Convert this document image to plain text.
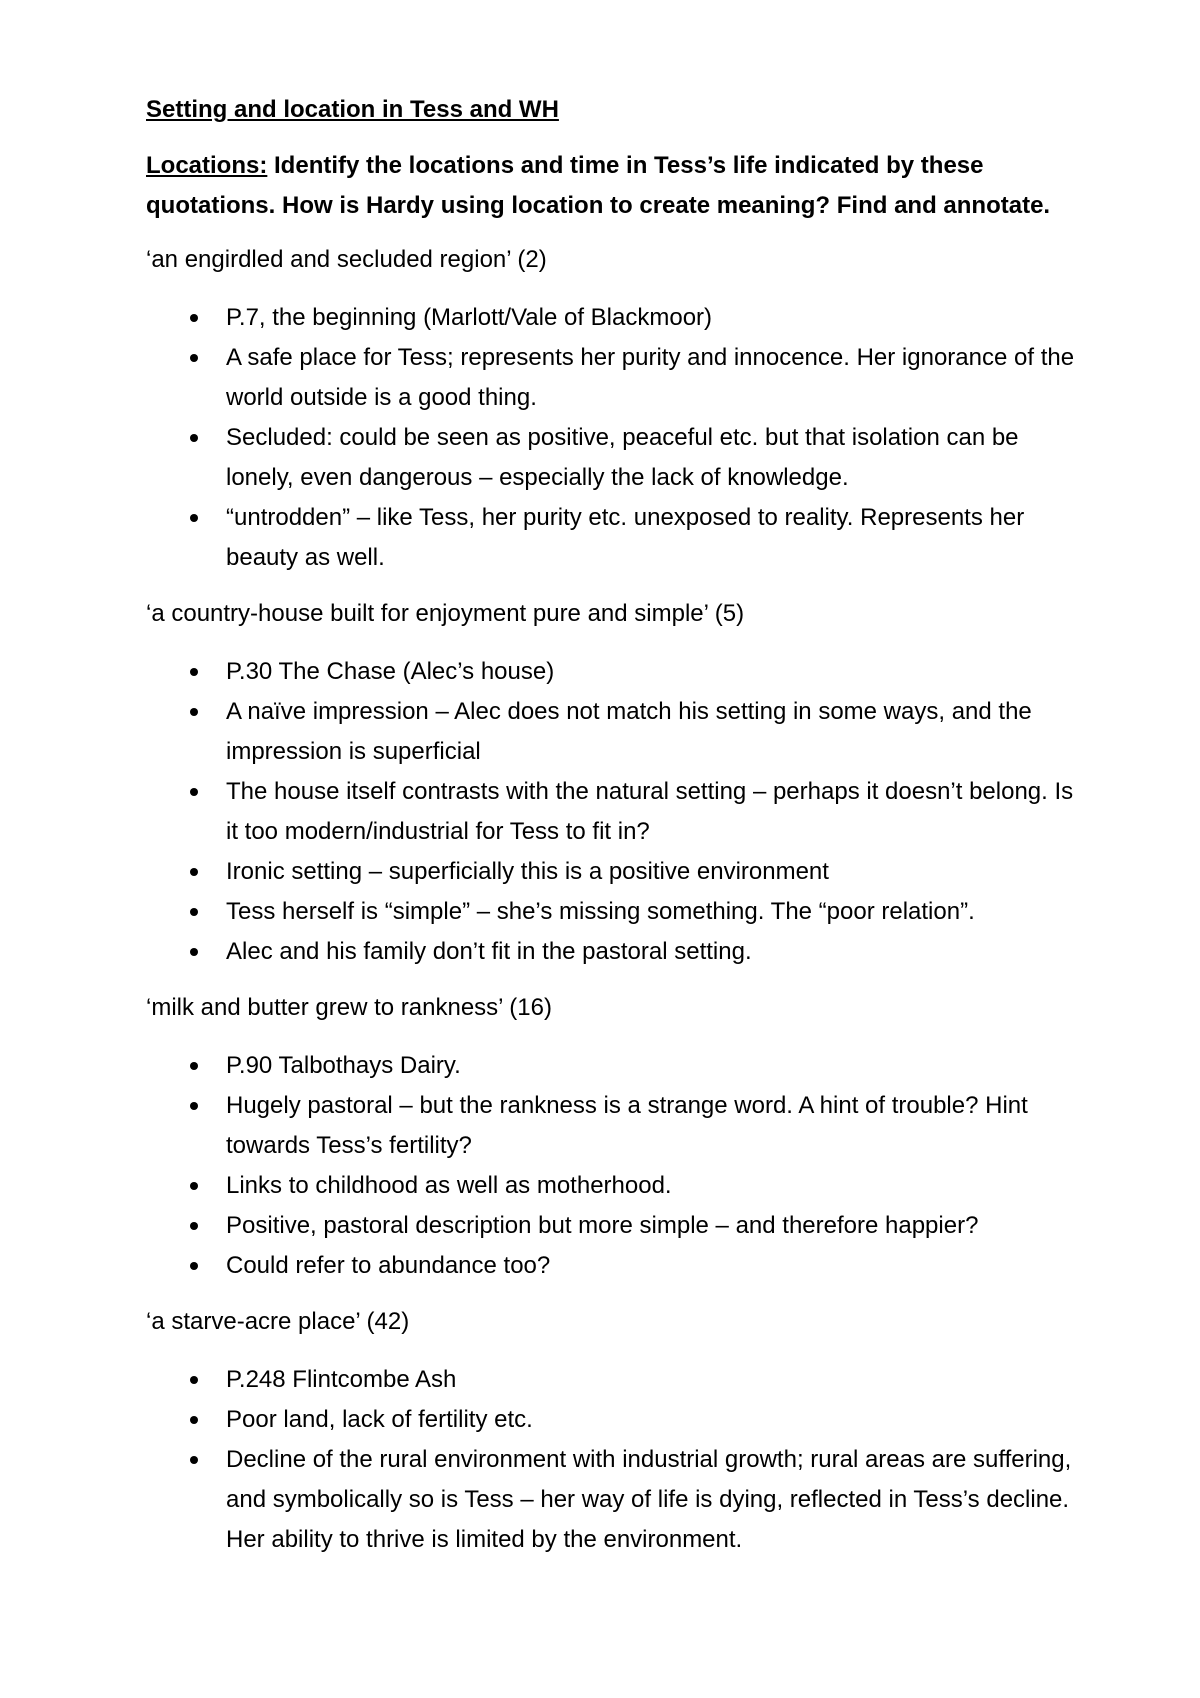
Setting and location in Tess and WH
Locations: Identify the locations and time in Tess’s life indicated by these quotations. How is Hardy using location to create meaning? Find and annotate.
‘an engirdled and secluded region’ (2)
P.7, the beginning (Marlott/Vale of Blackmoor)
A safe place for Tess; represents her purity and innocence. Her ignorance of the world outside is a good thing.
Secluded: could be seen as positive, peaceful etc. but that isolation can be lonely, even dangerous – especially the lack of knowledge.
“untrodden” – like Tess, her purity etc. unexposed to reality. Represents her beauty as well.
‘a country-house built for enjoyment pure and simple’ (5)
P.30 The Chase (Alec’s house)
A naïve impression – Alec does not match his setting in some ways, and the impression is superficial
The house itself contrasts with the natural setting – perhaps it doesn’t belong. Is it too modern/industrial for Tess to fit in?
Ironic setting – superficially this is a positive environment
Tess herself is “simple” – she’s missing something. The “poor relation”.
Alec and his family don’t fit in the pastoral setting.
‘milk and butter grew to rankness’ (16)
P.90 Talbothays Dairy.
Hugely pastoral – but the rankness is a strange word. A hint of trouble? Hint towards Tess’s fertility?
Links to childhood as well as motherhood.
Positive, pastoral description but more simple – and therefore happier?
Could refer to abundance too?
‘a starve-acre place’ (42)
P.248 Flintcombe Ash
Poor land, lack of fertility etc.
Decline of the rural environment with industrial growth; rural areas are suffering, and symbolically so is Tess – her way of life is dying, reflected in Tess’s decline. Her ability to thrive is limited by the environment.
